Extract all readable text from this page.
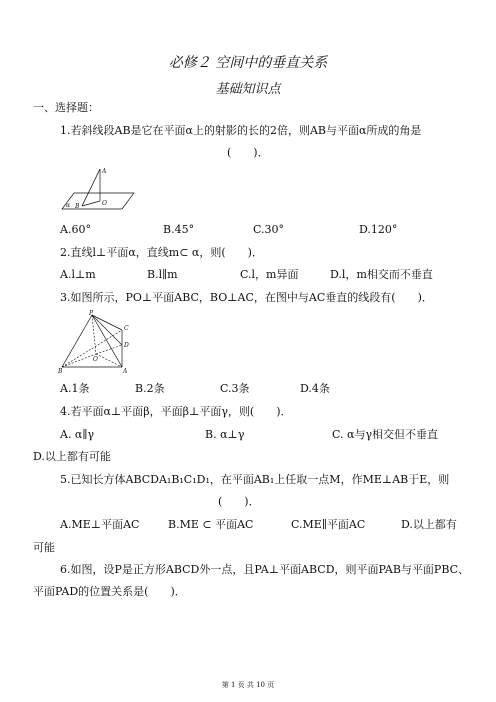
必修２ 空间中的垂直关系
基础知识点
一、选择题：
1.若斜线段AB是它在平面α上的射影的长的2倍，则AB与平面α所成的角是
(　　)．
A
B	O
α
A.60°	B.45°	C.30°	D.120°
2.直线l⊥平面α，直线m⊂ α，则(　　)．
A.l⊥m	B.l∥m	C.l，m异面	D.l，m相交而不垂直
3.如图所示，PO⊥平面ABC，BO⊥AC，在图中与AC垂直的线段有(　　)．
P
C
D
O
B	A
A.1条	B.2条	C.3条	D.4条
4.若平面α⊥平面β，平面β⊥平面γ，则(　　)．
A. α∥γ	B. α⊥γ	C. α与γ相交但不垂直
D.以上都有可能
5.已知长方体ABCDA₁B₁C₁D₁，在平面AB₁上任取一点M，作ME⊥AB于E，则
(　　)．
A.ME⊥平面AC	B.ME ⊂ 平面AC	C.ME∥平面AC	D.以上都有
可能
6.如图，设P是正方形ABCD外一点，且PA⊥平面ABCD，则平面PAB与平面PBC、
平面PAD的位置关系是(　　)．
第 1 页 共 10 页
